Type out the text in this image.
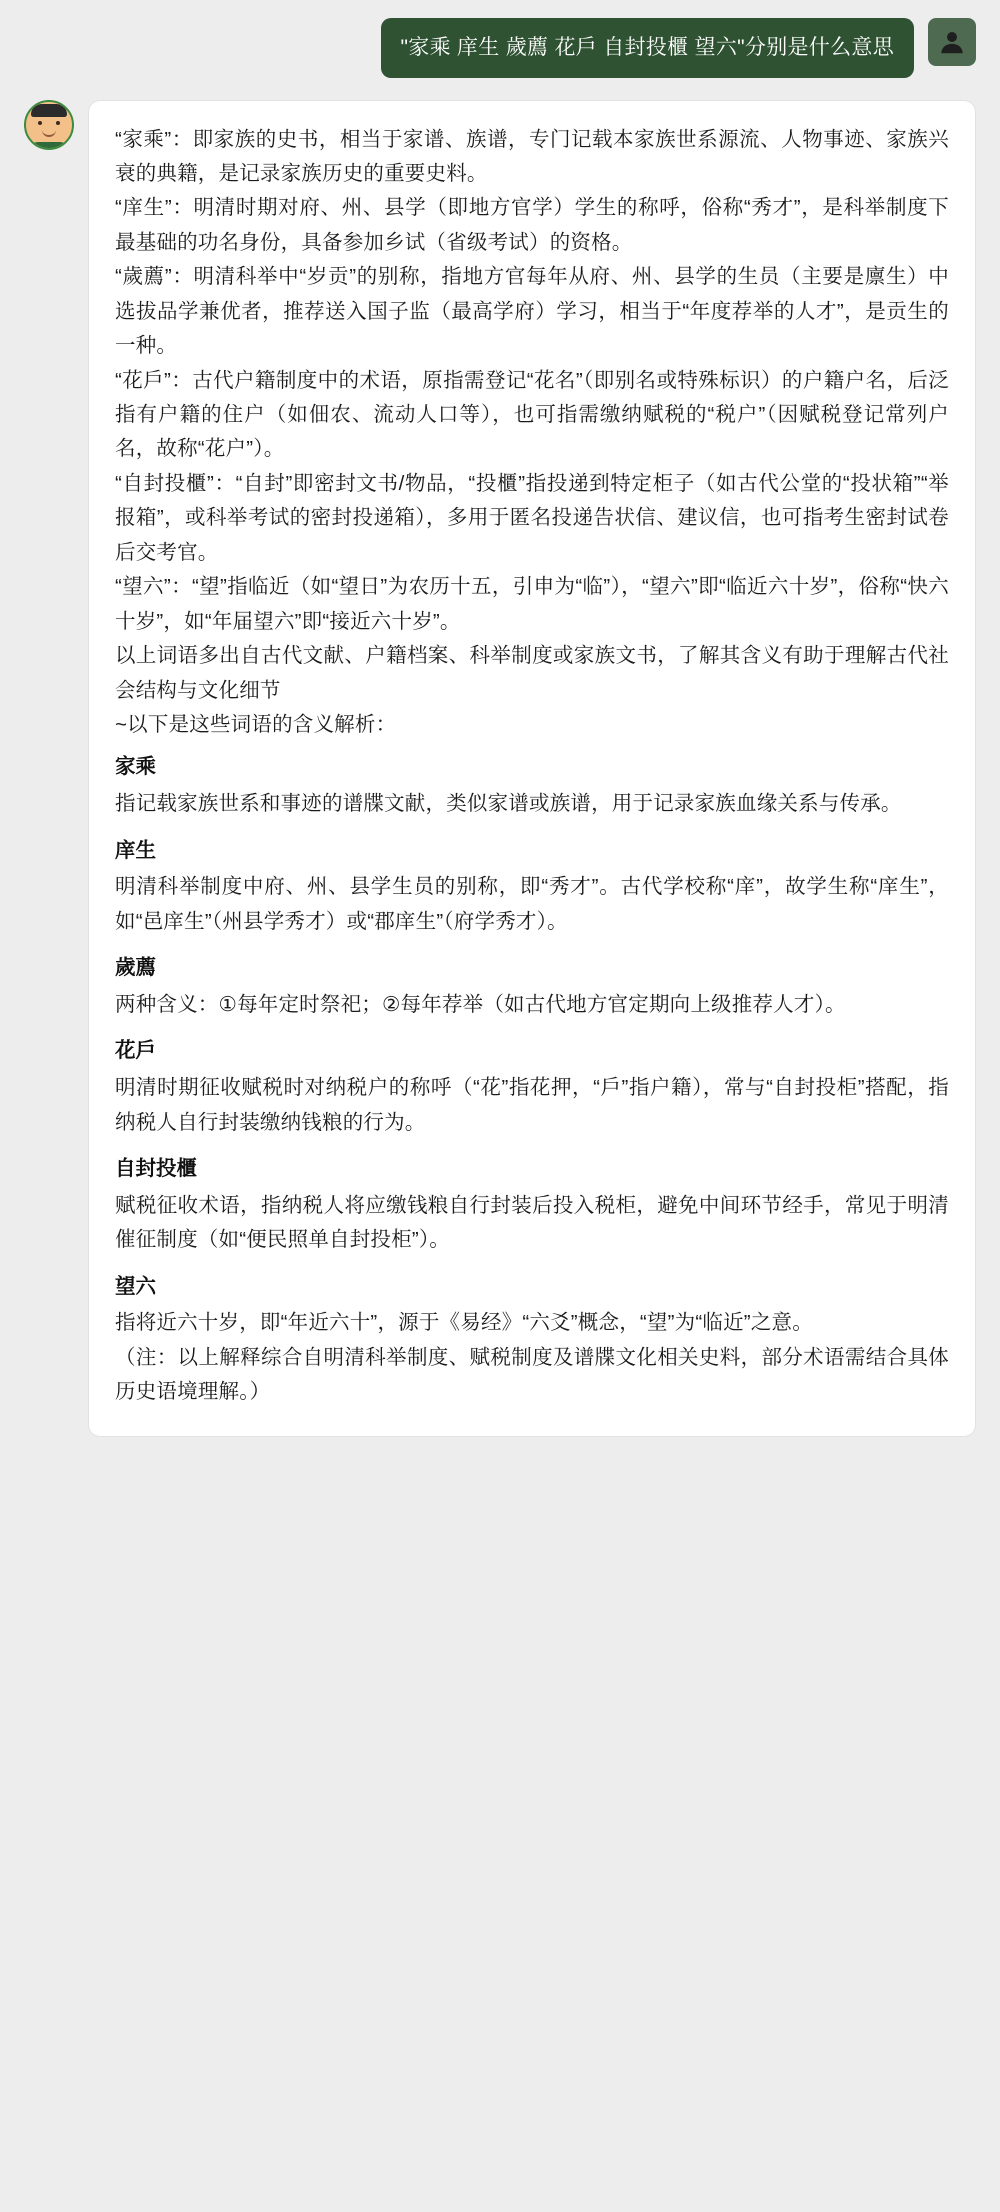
"家乘 庠生 歲薦 花戶 自封投櫃 望六"分别是什么意思

“家乘”：即家族的史书，相当于家谱、族谱，专门记载本家族世系源流、人物事迹、家族兴衰的典籍，是记录家族历史的重要史料。

“庠生”：明清时期对府、州、县学（即地方官学）学生的称呼，俗称“秀才”，是科举制度下最基础的功名身份，具备参加乡试（省级考试）的资格。

“歲薦”：明清科举中“岁贡”的别称，指地方官每年从府、州、县学的生员（主要是廪生）中选拔品学兼优者，推荐送入国子监（最高学府）学习，相当于“年度荐举的人才”，是贡生的一种。

“花戶”：古代户籍制度中的术语，原指需登记“花名”（即别名或特殊标识）的户籍户名，后泛指有户籍的住户（如佃农、流动人口等），也可指需缴纳赋税的“税户”（因赋税登记常列户名，故称“花户”）。

“自封投櫃”：“自封”即密封文书/物品，“投櫃”指投递到特定柜子（如古代公堂的“投状箱”“举报箱”，或科举考试的密封投递箱），多用于匿名投递告状信、建议信，也可指考生密封试卷后交考官。

“望六”：“望”指临近（如“望日”为农历十五，引申为“临”），“望六”即“临近六十岁”，俗称“快六十岁”，如“年届望六”即“接近六十岁”。

以上词语多出自古代文献、户籍档案、科举制度或家族文书，了解其含义有助于理解古代社会结构与文化细节

~以下是这些词语的含义解析：

家乘

指记载家族世系和事迹的谱牒文献，类似家谱或族谱，用于记录家族血缘关系与传承。

庠生

明清科举制度中府、州、县学生员的别称，即“秀才”。古代学校称“庠”，故学生称“庠生”，如“邑庠生”（州县学秀才）或“郡庠生”（府学秀才）。

歲薦

两种含义：①每年定时祭祀；②每年荐举（如古代地方官定期向上级推荐人才）。

花戶

明清时期征收赋税时对纳税户的称呼（“花”指花押，“戶”指户籍），常与“自封投柜”搭配，指纳税人自行封装缴纳钱粮的行为。

自封投櫃

赋税征收术语，指纳税人将应缴钱粮自行封装后投入税柜，避免中间环节经手，常见于明清催征制度（如“便民照单自封投柜”）。

望六

指将近六十岁，即“年近六十”，源于《易经》“六爻”概念，“望”为“临近”之意。

（注：以上解释综合自明清科举制度、赋税制度及谱牒文化相关史料，部分术语需结合具体历史语境理解。）
